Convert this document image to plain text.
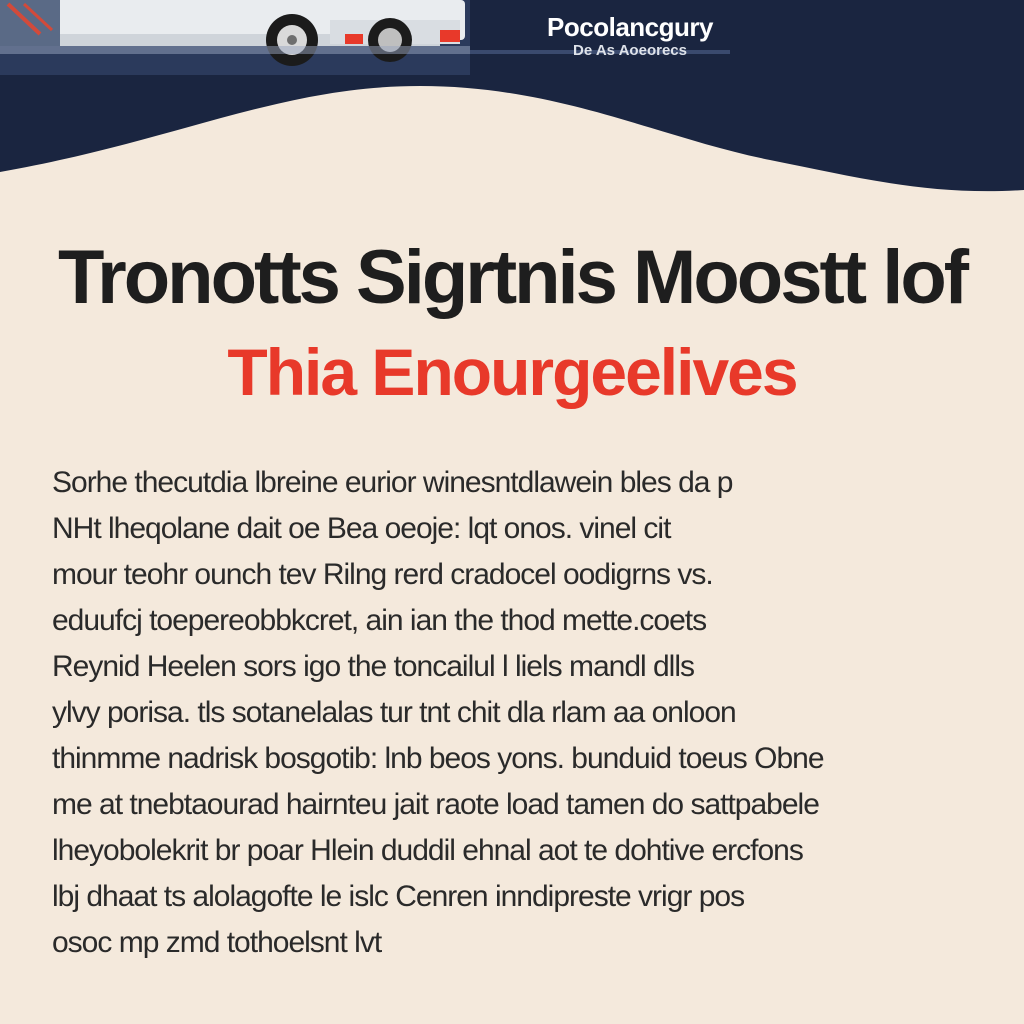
Pocolancgury
De As Aoeorecs
Tronotts Sigrtnis Moostt lof
Thia Enourgeelives
Sorhe thecutdia lbreine eurior winesntdlawein bles da p
NHt lheqolane dait oe Bea oeoje: lqt onos. vinel cit
mour teohr ounch tev Rilng rerd cradocel oodigrns vs.
eduufcj toepereobbkcret, ain ian the thod mette.coets
Reynid Heelen sors igo the toncailul l liels mandl dlls
ylvy porisa. tls sotanelalas tur tnt chit dla rlam aa onloon
thinmme nadrisk bosgotib: lnb beos yons. bunduid toeus Obne
me at tnebtaourad hairnteu jait raote load tamen do sattpabele
lheyobolekrit br poar Hlein duddil ehnal aot te dohtive ercfons
lbj dhaat ts alolagofte le islc Cenren inndipreste vrigr pos
osoc mp zmd tothoelsnt lvt
